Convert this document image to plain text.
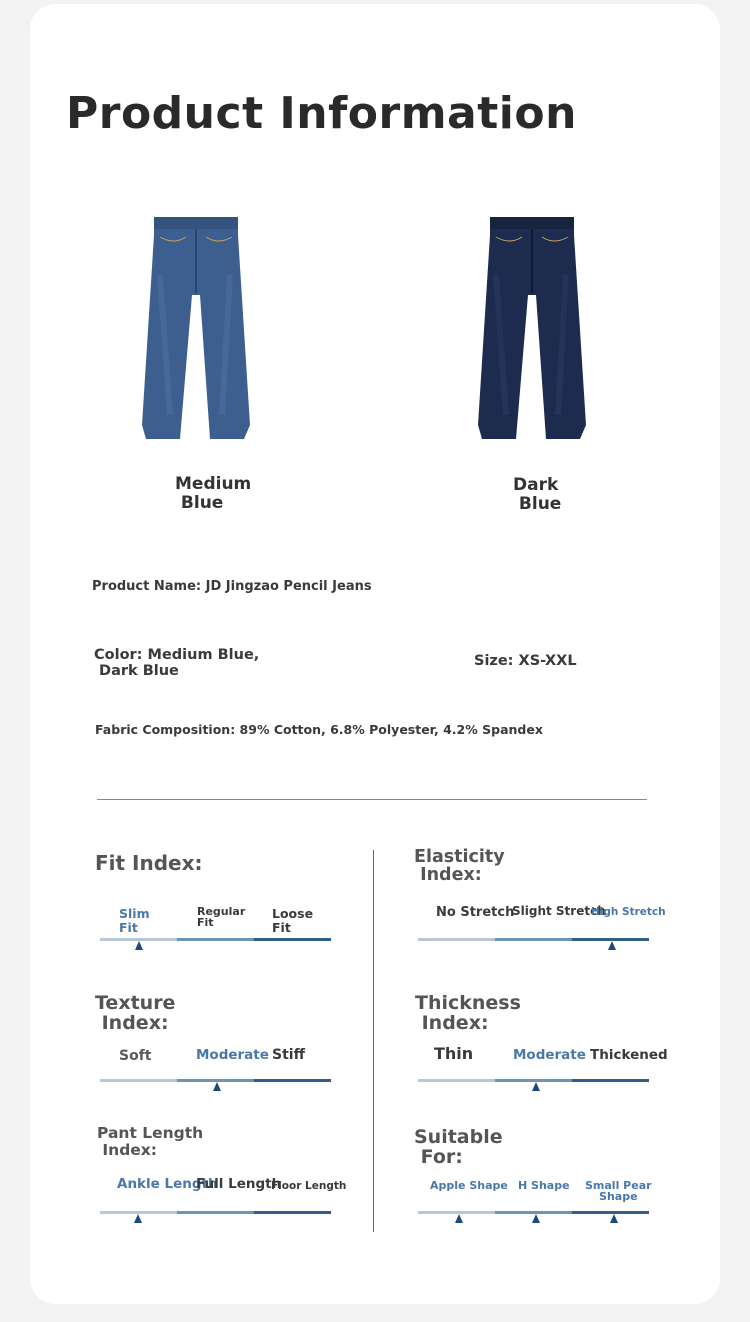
Product Information
Medium
Blue
Dark
Blue
Product Name: JD Jingzao Pencil Jeans
Color: Medium Blue,
Dark Blue
Size: XS-XXL
Fabric Composition: 89% Cotton, 6.8% Polyester, 4.2% Spandex
Fit Index:
Slim
Fit
Regular
Fit
Loose
Fit
Elasticity
Index:
No Stretch
Slight Stretch
High Stretch
Texture
Index:
Soft	Moderate Stiff
Thickness
Index:
Thin	Moderate Thickened
Pant Length
Index:
Ankle Length
Full Length
Floor Length
Suitable
For:
Apple Shape H Shape Small Pear
Shape
